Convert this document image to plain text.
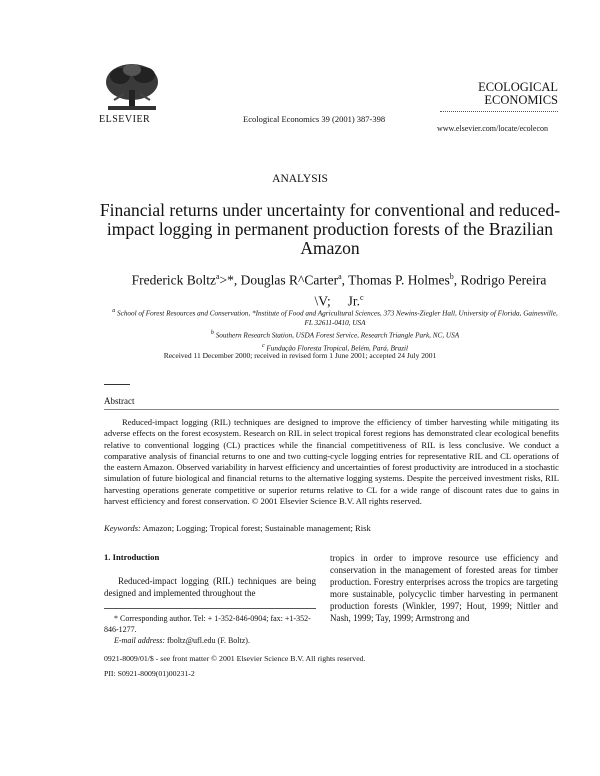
ELSEVIER	Ecological Economics 39 (2001) 387-398
ECOLOGICAL
ECONOMICS
www.elsevier.com/locate/ecolecon
ANALYSIS
Financial returns under uncertainty for conventional and reduced-impact logging in permanent production forests of the Brazilian Amazon
Frederick Boltz$^a$>*, Douglas R^Carter$^a$, Thomas P. Holmes$^b$, Rodrigo Pereira
\V;     Jr.$^c$
$^a$ School of Forest Resources and Conservation, *Institute of Food and Agricultural Sciences, 373 Newins-Ziegler Hall, University of Florida, Gainesville, FL 32611-0410, USA
$^b$ Southern Research Station, USDA Forest Service, Research Triangle Park, NC, USA
$^c$ Fundação Floresta Tropical, Belém, Pará, Brazil
Received 11 December 2000; received in revised form 1 June 2001; accepted 24 July 2001
Abstract
Reduced-impact logging (RIL) techniques are designed to improve the efficiency of timber harvesting while mitigating its adverse effects on the forest ecosystem. Research on RIL in select tropical forest regions has demonstrated clear ecological benefits relative to conventional logging (CL) practices while the financial competitiveness of RIL is less conclusive. We conduct a comparative analysis of financial returns to one and two cutting-cycle logging entries for representative RIL and CL operations of the eastern Amazon. Observed variability in harvest efficiency and uncertainties of forest productivity are introduced in a stochastic simulation of future biological and financial returns to the alternative logging systems. Despite the perceived investment risks, RIL harvesting operations generate competitive or superior returns relative to CL for a wide range of discount rates due to gains in harvest efficiency and forest conservation. © 2001 Elsevier Science B.V. All rights reserved.
Keywords: Amazon; Logging; Tropical forest; Sustainable management; Risk
1. Introduction
Reduced-impact logging (RIL) techniques are being designed and implemented throughout the
tropics in order to improve resource use efficiency and conservation in the management of forested areas for timber production. Forestry enterprises across the tropics are targeting more sustainable, polycyclic timber harvesting in permanent production forests (Winkler, 1997; Hout, 1999; Nittler and Nash, 1999; Tay, 1999; Armstrong and
* Corresponding author. Tel: + 1-352-846-0904; fax: +1-352-846-1277.
E-mail address: fboltz@ufl.edu (F. Boltz).
0921-8009/01/$ - see front matter © 2001 Elsevier Science B.V. All rights reserved.
PII: S0921-8009(01)00231-2
